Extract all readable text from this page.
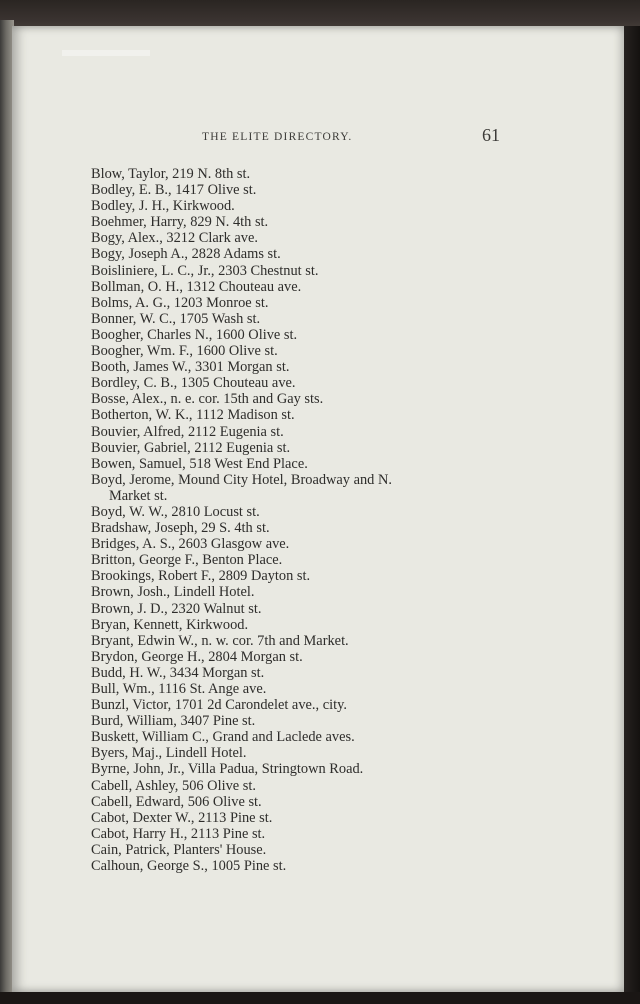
THE ELITE DIRECTORY.	61
Blow, Taylor, 219 N. 8th st.
Bodley, E. B., 1417 Olive st.
Bodley, J. H., Kirkwood.
Boehmer, Harry, 829 N. 4th st.
Bogy, Alex., 3212 Clark ave.
Bogy, Joseph A., 2828 Adams st.
Boisliniere, L. C., Jr., 2303 Chestnut st.
Bollman, O. H., 1312 Chouteau ave.
Bolms, A. G., 1203 Monroe st.
Bonner, W. C., 1705 Wash st.
Boogher, Charles N., 1600 Olive st.
Boogher, Wm. F., 1600 Olive st.
Booth, James W., 3301 Morgan st.
Bordley, C. B., 1305 Chouteau ave.
Bosse, Alex., n. e. cor. 15th and Gay sts.
Botherton, W. K., 1112 Madison st.
Bouvier, Alfred, 2112 Eugenia st.
Bouvier, Gabriel, 2112 Eugenia st.
Bowen, Samuel, 518 West End Place.
Boyd, Jerome, Mound City Hotel, Broadway and N.
Market st.
Boyd, W. W., 2810 Locust st.
Bradshaw, Joseph, 29 S. 4th st.
Bridges, A. S., 2603 Glasgow ave.
Britton, George F., Benton Place.
Brookings, Robert F., 2809 Dayton st.
Brown, Josh., Lindell Hotel.
Brown, J. D., 2320 Walnut st.
Bryan, Kennett, Kirkwood.
Bryant, Edwin W., n. w. cor. 7th and Market.
Brydon, George H., 2804 Morgan st.
Budd, H. W., 3434 Morgan st.
Bull, Wm., 1116 St. Ange ave.
Bunzl, Victor, 1701 2d Carondelet ave., city.
Burd, William, 3407 Pine st.
Buskett, William C., Grand and Laclede aves.
Byers, Maj., Lindell Hotel.
Byrne, John, Jr., Villa Padua, Stringtown Road.
Cabell, Ashley, 506 Olive st.
Cabell, Edward, 506 Olive st.
Cabot, Dexter W., 2113 Pine st.
Cabot, Harry H., 2113 Pine st.
Cain, Patrick, Planters' House.
Calhoun, George S., 1005 Pine st.
